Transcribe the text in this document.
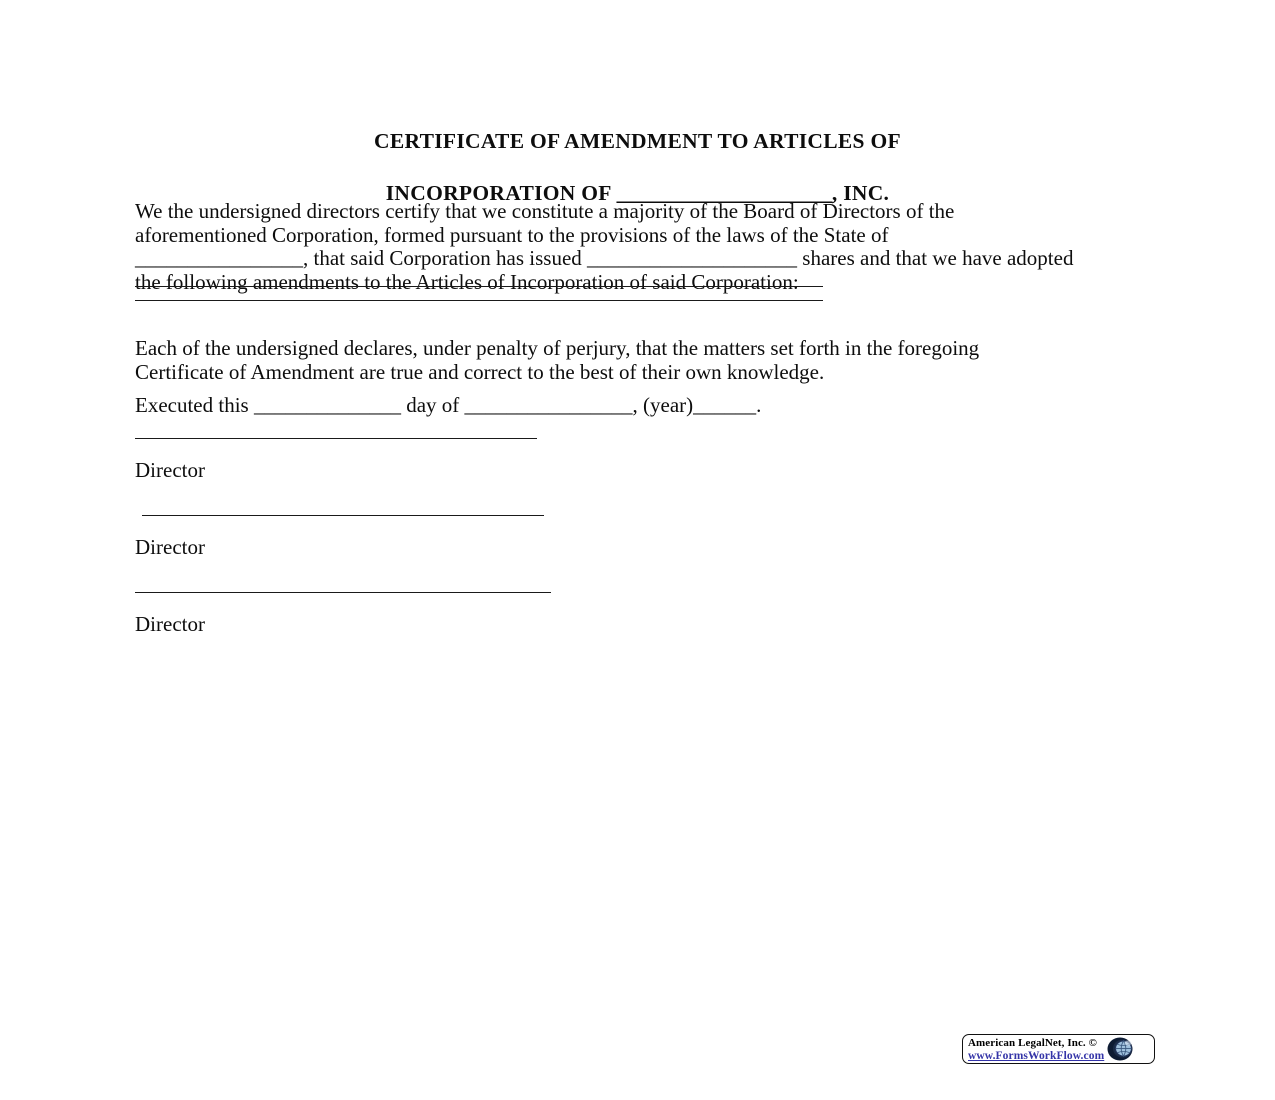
CERTIFICATE OF AMENDMENT TO ARTICLES OF
INCORPORATION OF _____________________, INC.

We the undersigned directors certify that we constitute a majority of the Board of Directors of the
aforementioned Corporation, formed pursuant to the provisions of the laws of the State of
________________, that said Corporation has issued ____________________ shares and that we have adopted
the following amendments to the Articles of Incorporation of said Corporation:

Each of the undersigned declares, under penalty of perjury, that the matters set forth in the foregoing
Certificate of Amendment are true and correct to the best of their own knowledge.

Executed this ______________ day of ________________, (year)______.
Director
Director
Director
American LegalNet, Inc. ©
www.FormsWorkFlow.com
